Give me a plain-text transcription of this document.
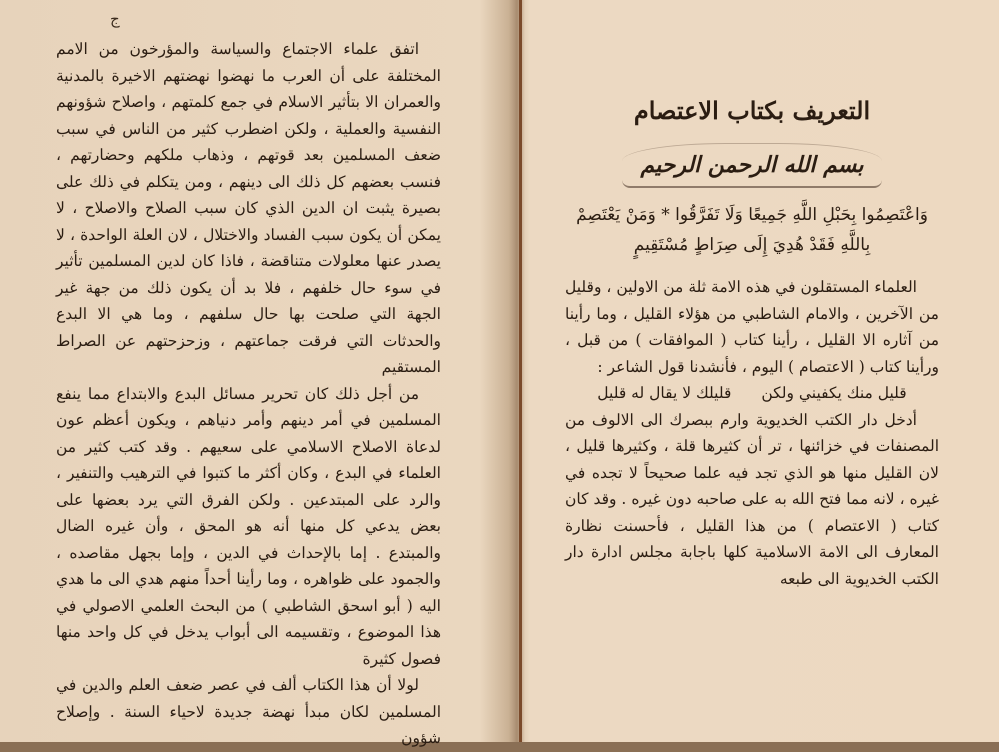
ج

اتفق علماء الاجتماع والسياسة والمؤرخون من الامم المختلفة على أن العرب ما نهضوا نهضتهم الاخيرة بالمدنية والعمران الا بتأثير الاسلام في جمع كلمتهم ، واصلاح شؤونهم النفسية والعملية ، ولكن اضطرب كثير من الناس في سبب ضعف المسلمين بعد قوتهم ، وذهاب ملكهم وحضارتهم ، فنسب بعضهم كل ذلك الى دينهم ، ومن يتكلم في ذلك على بصيرة يثبت ان الدين الذي كان سبب الصلاح والاصلاح ، لا يمكن أن يكون سبب الفساد والاختلال ، لان العلة الواحدة ، لا يصدر عنها معلولات متناقضة ، فاذا كان لدين المسلمين تأثير في سوء حال خلفهم ، فلا بد أن يكون ذلك من جهة غير الجهة التي صلحت بها حال سلفهم ، وما هي الا البدع والحدثات التي فرقت جماعتهم ، وزحزحتهم عن الصراط المستقيم

من أجل ذلك كان تحرير مسائل البدع والابتداع مما ينفع المسلمين في أمر دينهم وأمر دنياهم ، ويكون أعظم عون لدعاة الاصلاح الاسلامي على سعيهم . وقد كتب كثير من العلماء في البدع ، وكان أكثر ما كتبوا في الترهيب والتنفير ، والرد على المبتدعين . ولكن الفرق التي يرد بعضها على بعض يدعي كل منها أنه هو المحق ، وأن غيره الضال والمبتدع . إما بالإحداث في الدين ، وإما بجهل مقاصده ، والجمود على ظواهره ، وما رأينا أحداً منهم هدي الى ما هدي اليه ( أبو اسحق الشاطبي ) من البحث العلمي الاصولي في هذا الموضوع ، وتقسيمه الى أبواب يدخل في كل واحد منها فصول كثيرة

لولا أن هذا الكتاب ألف في عصر ضعف العلم والدين في المسلمين لكان مبدأ نهضة جديدة لاحياء السنة . وإصلاح شؤون

التعريف بكتاب الاعتصام
بسم الله الرحمن الرحيم
وَاعْتَصِمُوا بِحَبْلِ اللَّهِ جَمِيعًا وَلَا تَفَرَّقُوا * وَمَنْ يَعْتَصِمْ
بِاللَّهِ فَقَدْ هُدِيَ إِلَى صِرَاطٍ مُسْتَقِيمٍ

العلماء المستقلون في هذه الامة ثلة من الاولين ، وقليل من الآخرين ، والامام الشاطبي من هؤلاء القليل ، وما رأينا من آثاره الا القليل ، رأينا كتاب ( الموافقات ) من قبل ، ورأينا كتاب ( الاعتصام ) اليوم ، فأنشدنا قول الشاعر :

قليل منك يكفيني ولكن
قليلك لا يقال له قليل

أدخل دار الكتب الخديوية وارم ببصرك الى الالوف من المصنفات في خزائنها ، تر أن كثيرها قلة ، وكثيرها قليل ، لان القليل منها هو الذي تجد فيه علما صحيحاً لا تجده في غيره ، لانه مما فتح الله به على صاحبه دون غيره . وقد كان كتاب ( الاعتصام ) من هذا القليل ، فأحسنت نظارة المعارف الى الامة الاسلامية كلها باجابة مجلس ادارة دار الكتب الخديوية الى طبعه
